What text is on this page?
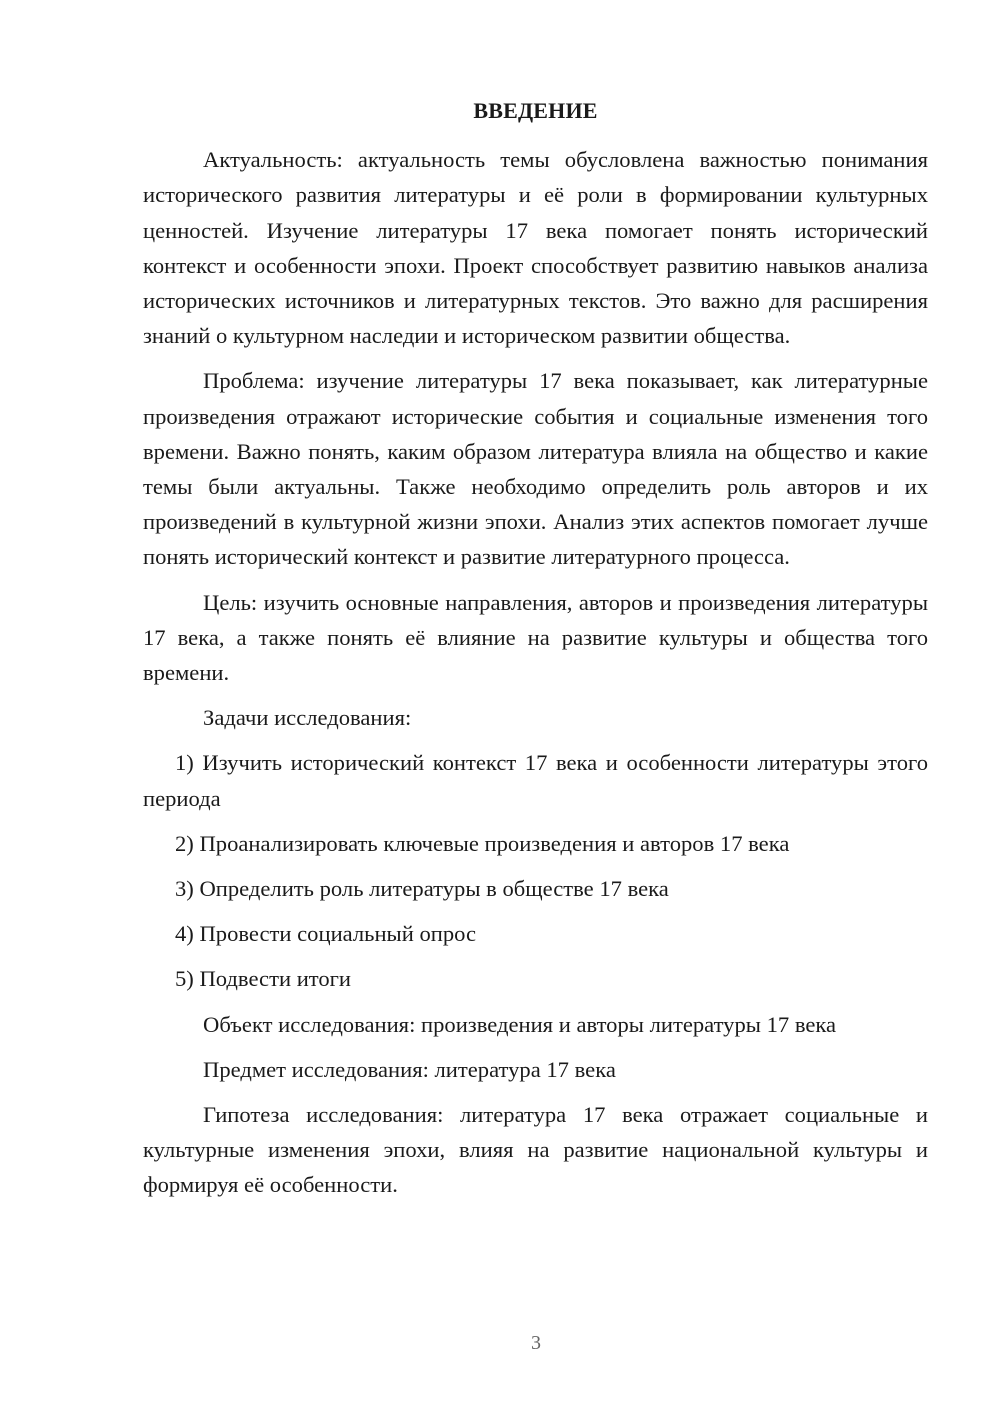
ВВЕДЕНИЕ

Актуальность: актуальность темы обусловлена важностью понимания исторического развития литературы и её роли в формировании культурных ценностей. Изучение литературы 17 века помогает понять исторический контекст и особенности эпохи. Проект способствует развитию навыков анализа исторических источников и литературных текстов. Это важно для расширения знаний о культурном наследии и историческом развитии общества.

Проблема: изучение литературы 17 века показывает, как литературные произведения отражают исторические события и социальные изменения того времени. Важно понять, каким образом литература влияла на общество и какие темы были актуальны. Также необходимо определить роль авторов и их произведений в культурной жизни эпохи. Анализ этих аспектов помогает лучше понять исторический контекст и развитие литературного процесса.

Цель: изучить основные направления, авторов и произведения литературы 17 века, а также понять её влияние на развитие культуры и общества того времени.

Задачи исследования:

1) Изучить исторический контекст 17 века и особенности литературы этого периода

2) Проанализировать ключевые произведения и авторов 17 века

3) Определить роль литературы в обществе 17 века

4) Провести социальный опрос

5) Подвести итоги

Объект исследования: произведения и авторы литературы 17 века

Предмет исследования: литература 17 века

Гипотеза исследования: литература 17 века отражает социальные и культурные изменения эпохи, влияя на развитие национальной культуры и формируя её особенности.

3
